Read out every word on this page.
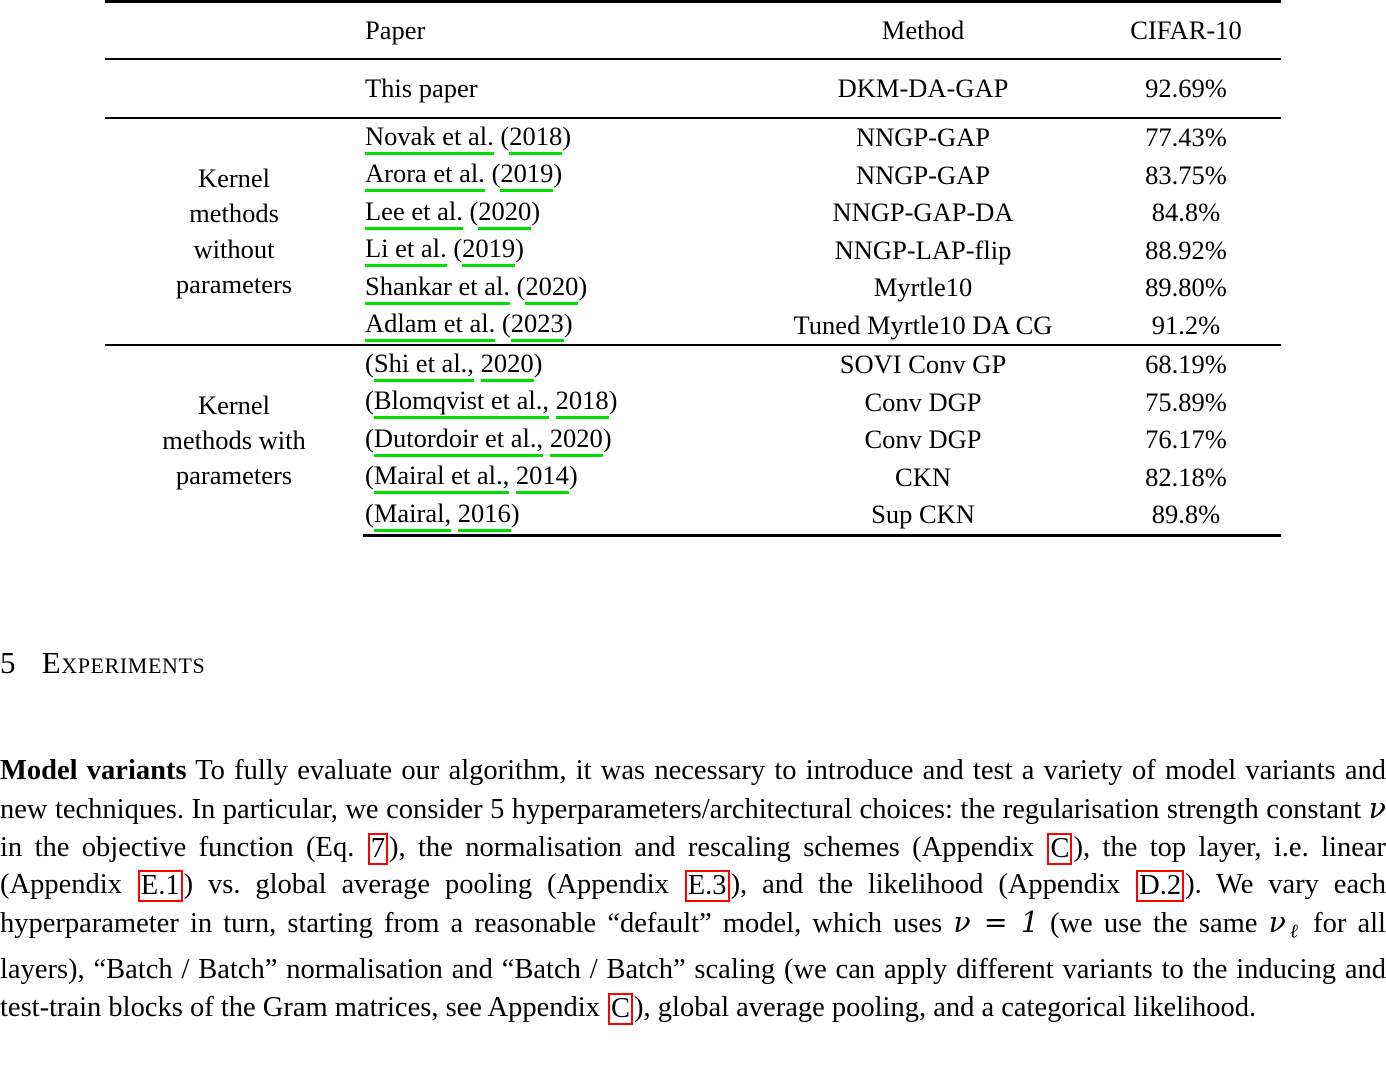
	Paper	Method	CIFAR-10
	This paper	DKM-DA-GAP	92.69%

Kernel
methods
without
parameters	Novak et al. (2018)	NNGP-GAP	77.43%
	Arora et al. (2019)	NNGP-GAP	83.75%
	Lee et al. (2020)	NNGP-GAP-DA	84.8%
	Li et al. (2019)	NNGP-LAP-flip	88.92%
	Shankar et al. (2020)	Myrtle10	89.80%
	Adlam et al. (2023)	Tuned Myrtle10 DA CG	91.2%

Kernel
methods with
parameters	(Shi et al., 2020)	SOVI Conv GP	68.19%
	(Blomqvist et al., 2018)	Conv DGP	75.89%
	(Dutordoir et al., 2020)	Conv DGP	76.17%
	(Mairal et al., 2014)	CKN	82.18%
	(Mairal, 2016)	Sup CKN	89.8%
5 Experiments
Model variants To fully evaluate our algorithm, it was necessary to introduce and test a variety of model variants and new techniques. In particular, we consider 5 hyperparameters/architectural choices: the regularisation strength constant ν in the objective function (Eq. 7 ), the normalisation and rescaling schemes (Appendix C ), the top layer, i.e. linear (Appendix E.1 ) vs. global average pooling (Appendix E.3 ), and the likelihood (Appendix D.2 ). We vary each hyperparameter in turn, starting from a reasonable “default” model, which uses ν = 1 (we use the same $\nu_\ell$ for all layers), “Batch / Batch” normalisation and “Batch / Batch” scaling (we can apply different variants to the inducing and test-train blocks of the Gram matrices, see Appendix C ), global average pooling, and a categorical likelihood.
